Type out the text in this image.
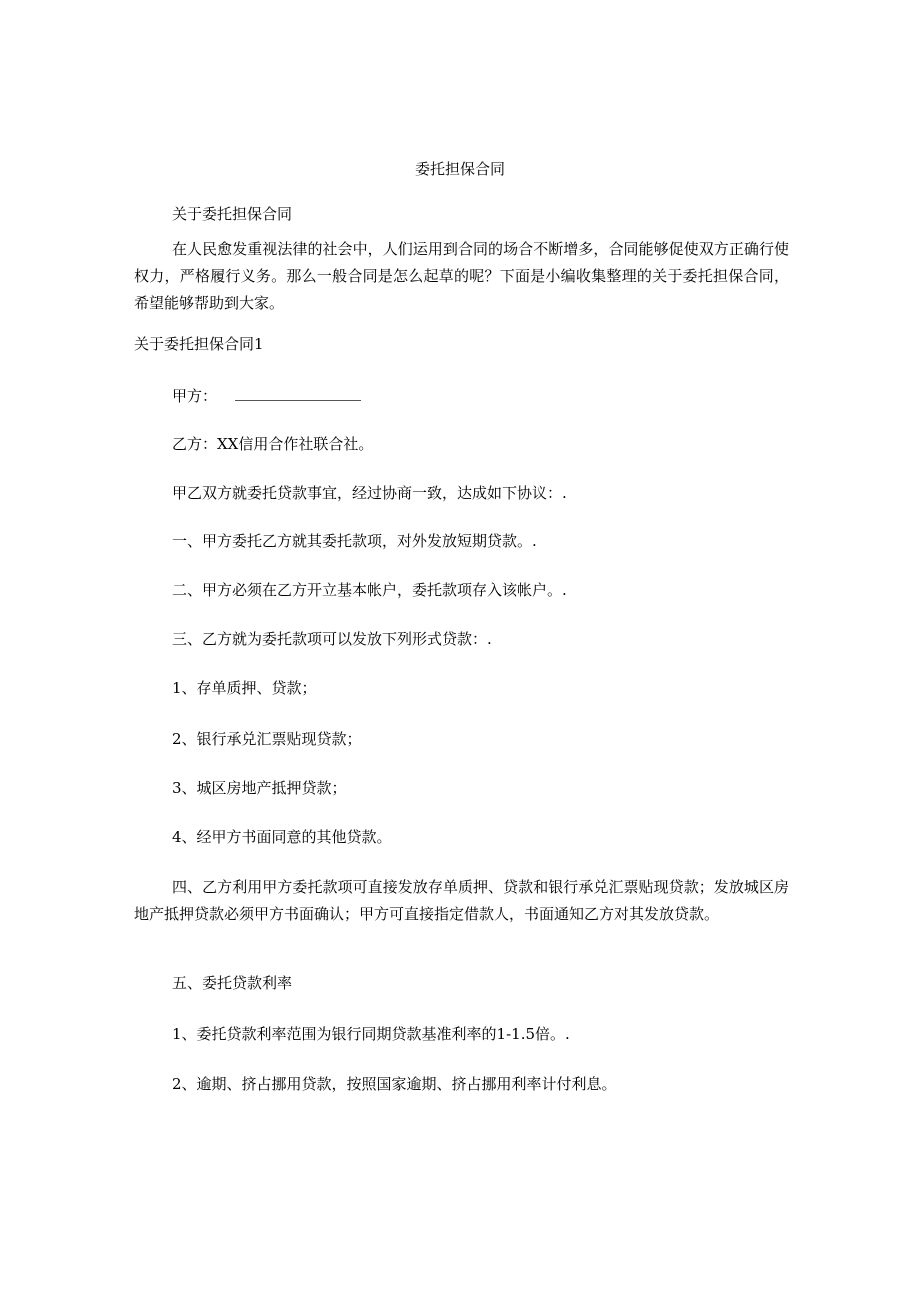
委托担保合同

关于委托担保合同

在人民愈发重视法律的社会中，人们运用到合同的场合不断增多，合同能够促使双方正确行使权力，严格履行义务。那么一般合同是怎么起草的呢？下面是小编收集整理的关于委托担保合同，希望能够帮助到大家。

关于委托担保合同1

甲方：

乙方：XX信用合作社联合社。

甲乙双方就委托贷款事宜，经过协商一致，达成如下协议：.

一、甲方委托乙方就其委托款项，对外发放短期贷款。.

二、甲方必须在乙方开立基本帐户，委托款项存入该帐户。.

三、乙方就为委托款项可以发放下列形式贷款：.

1、存单质押、贷款；

2、银行承兑汇票贴现贷款；

3、城区房地产抵押贷款；

4、经甲方书面同意的其他贷款。

四、乙方利用甲方委托款项可直接发放存单质押、贷款和银行承兑汇票贴现贷款；发放城区房地产抵押贷款必须甲方书面确认；甲方可直接指定借款人，书面通知乙方对其发放贷款。

五、委托贷款利率

1、委托贷款利率范围为银行同期贷款基准利率的1-1.5倍。.

2、逾期、挤占挪用贷款，按照国家逾期、挤占挪用利率计付利息。
